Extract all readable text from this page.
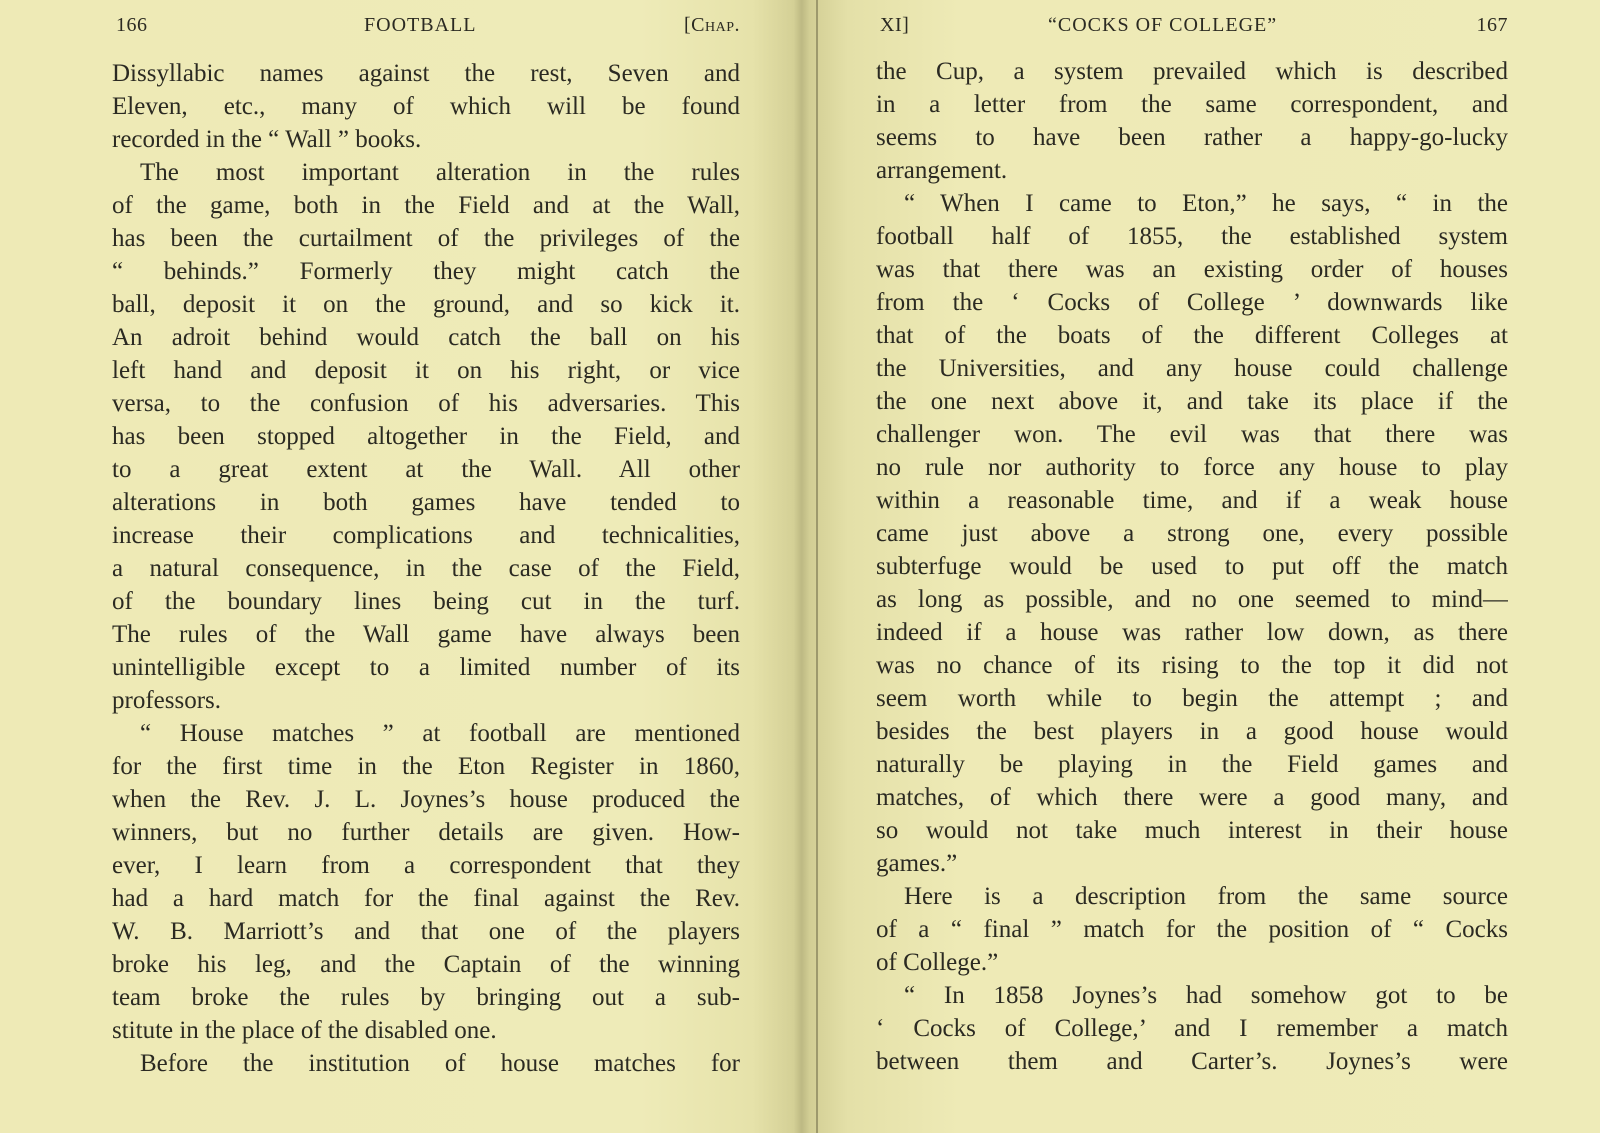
166	FOOTBALL	[Chap.
Dissyllabic names against the rest, Seven and
Eleven, etc., many of which will be found
recorded in the “ Wall ” books.
The most important alteration in the rules
of the game, both in the Field and at the Wall,
has been the curtailment of the privileges of the
“ behinds.” Formerly they might catch the
ball, deposit it on the ground, and so kick it.
An adroit behind would catch the ball on his
left hand and deposit it on his right, or vice
versa, to the confusion of his adversaries. This
has been stopped altogether in the Field, and
to a great extent at the Wall. All other
alterations in both games have tended to
increase their complications and technicalities,
a natural consequence, in the case of the Field,
of the boundary lines being cut in the turf.
The rules of the Wall game have always been
unintelligible except to a limited number of its
professors.
“ House matches ” at football are mentioned
for the first time in the Eton Register in 1860,
when the Rev. J. L. Joynes’s house produced the
winners, but no further details are given. How-
ever, I learn from a correspondent that they
had a hard match for the final against the Rev.
W. B. Marriott’s and that one of the players
broke his leg, and the Captain of the winning
team broke the rules by bringing out a sub-
stitute in the place of the disabled one.
Before the institution of house matches for
XI]	“COCKS OF COLLEGE”	167
the Cup, a system prevailed which is described
in a letter from the same correspondent, and
seems to have been rather a happy-go-lucky
arrangement.
“ When I came to Eton,” he says, “ in the
football half of 1855, the established system
was that there was an existing order of houses
from the ‘ Cocks of College ’ downwards like
that of the boats of the different Colleges at
the Universities, and any house could challenge
the one next above it, and take its place if the
challenger won. The evil was that there was
no rule nor authority to force any house to play
within a reasonable time, and if a weak house
came just above a strong one, every possible
subterfuge would be used to put off the match
as long as possible, and no one seemed to mind—
indeed if a house was rather low down, as there
was no chance of its rising to the top it did not
seem worth while to begin the attempt ; and
besides the best players in a good house would
naturally be playing in the Field games and
matches, of which there were a good many, and
so would not take much interest in their house
games.”
Here is a description from the same source
of a “ final ” match for the position of “ Cocks
of College.”
“ In 1858 Joynes’s had somehow got to be
‘ Cocks of College,’ and I remember a match
between them and Carter’s. Joynes’s were
